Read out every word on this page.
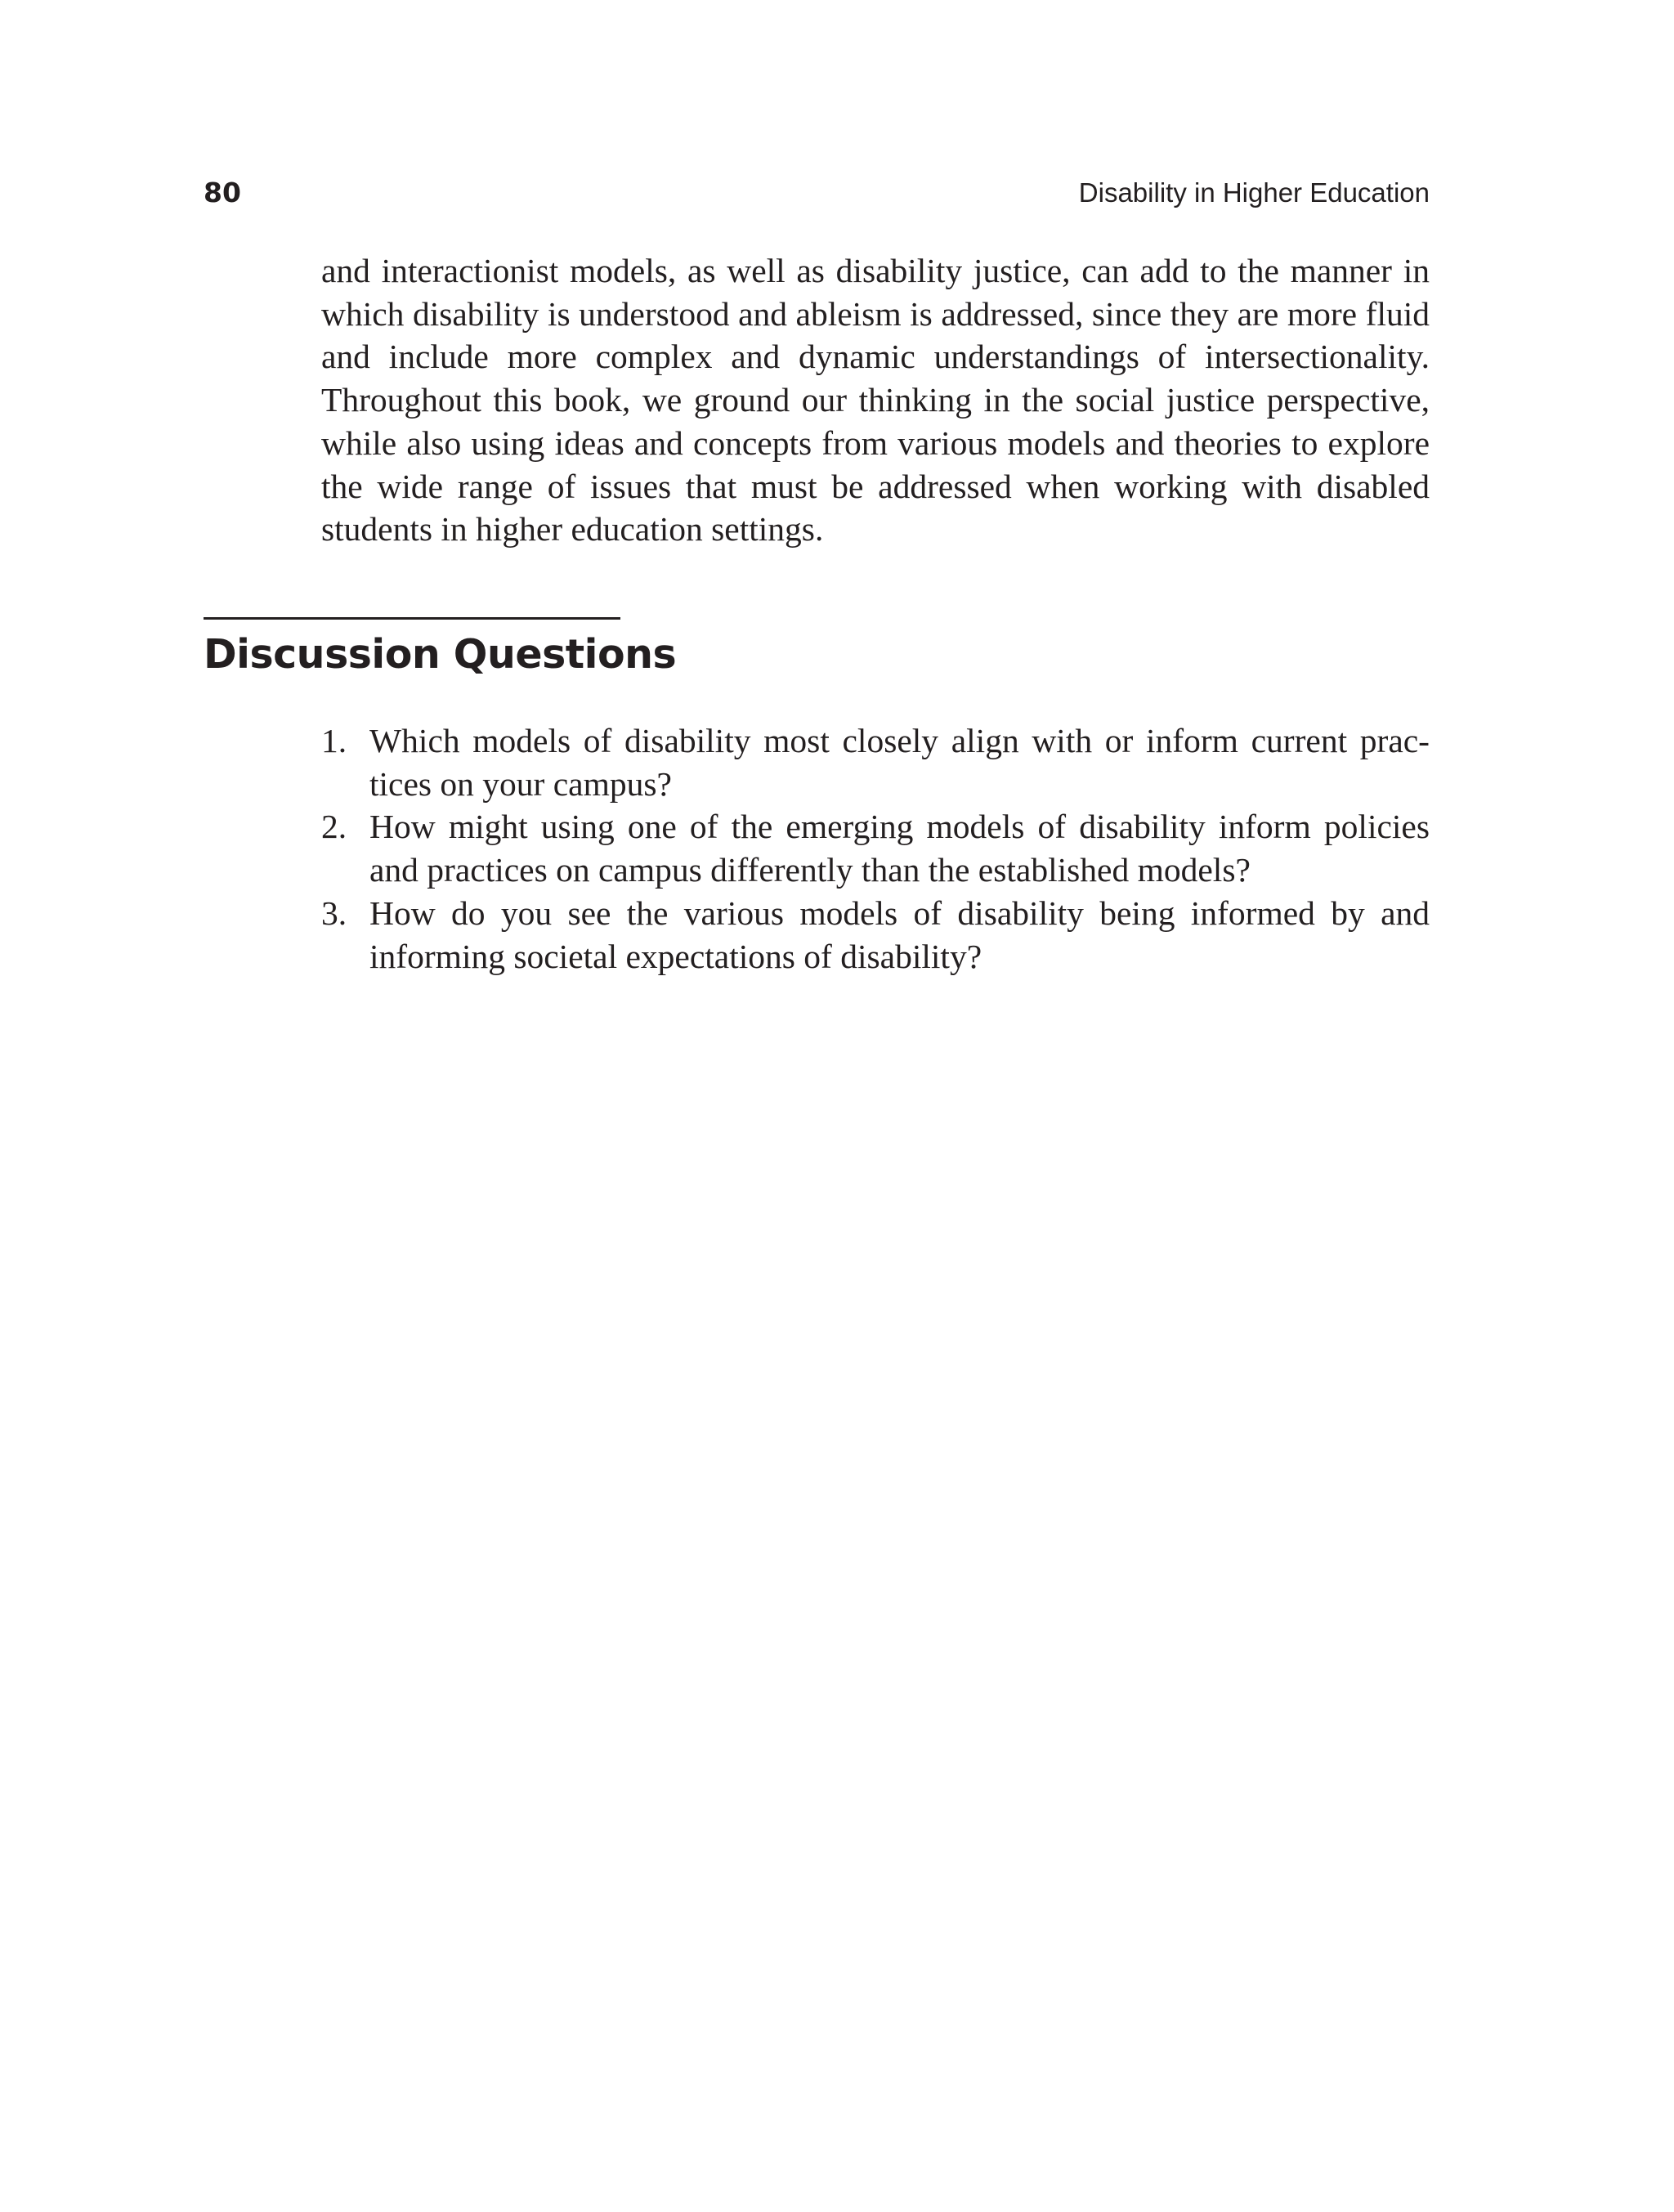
80	Disability in Higher Education

and interactionist models, as well as disability justice, can add to the manner in which disability is understood and ableism is addressed, since they are more fluid and include more complex and dynamic understandings of intersectionality. Throughout this book, we ground our thinking in the social justice perspective, while also using ideas and concepts from various models and theories to explore the wide range of issues that must be addressed when working with disabled students in higher education settings.

Discussion Questions
1. Which models of disability most closely align with or inform current practices on your campus?
2. How might using one of the emerging models of disability inform policies and practices on campus differently than the established models?
3. How do you see the various models of disability being informed by and informing societal expectations of disability?
